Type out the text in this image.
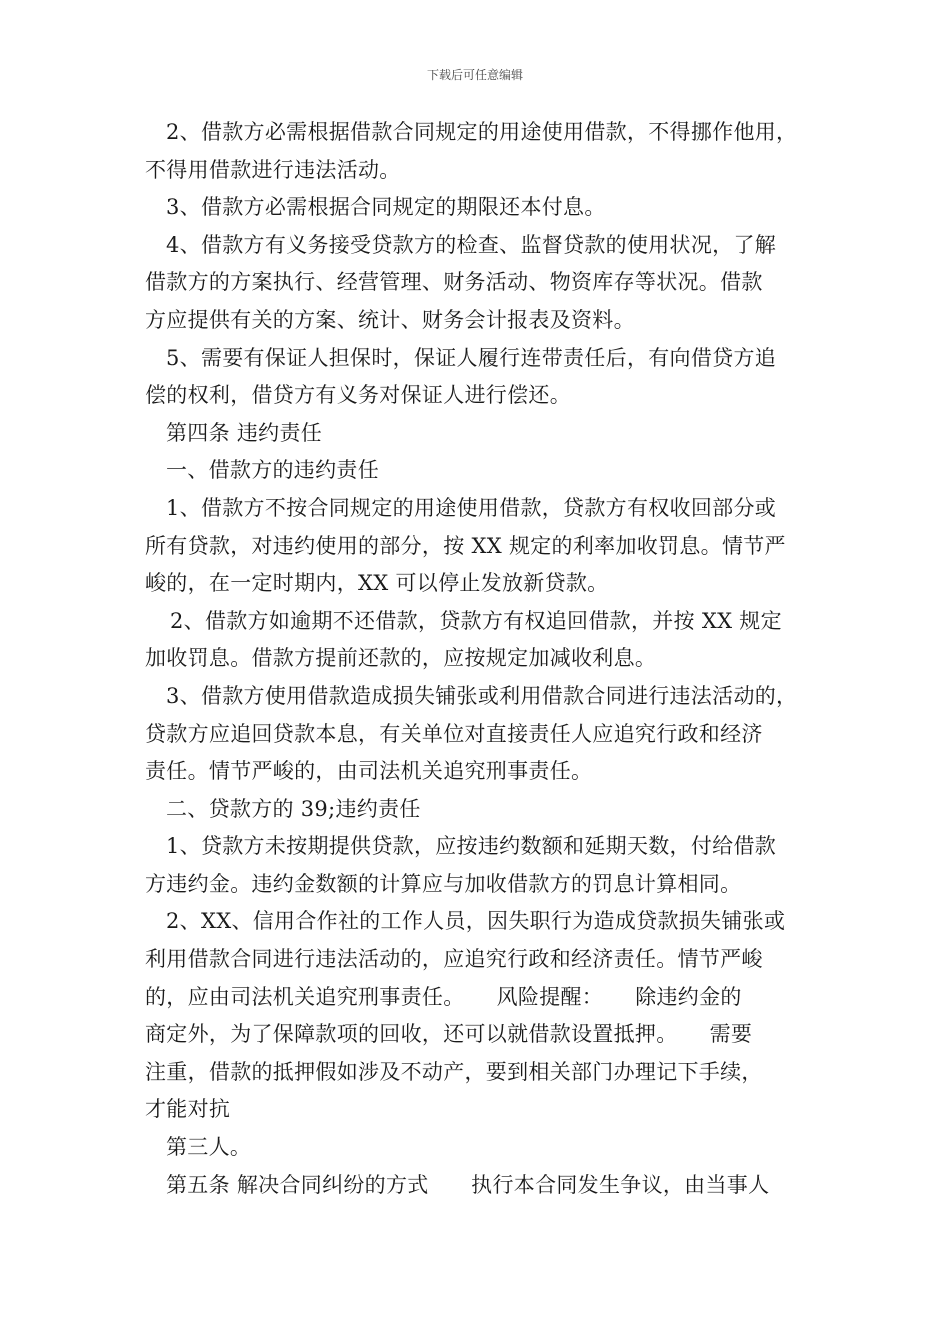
下载后可任意编辑
2、借款方必需根据借款合同规定的用途使用借款，不得挪作他用，
不得用借款进行违法活动。
3、借款方必需根据合同规定的期限还本付息。
4、借款方有义务接受贷款方的检查、监督贷款的使用状况，了解
借款方的方案执行、经营管理、财务活动、物资库存等状况。借款
方应提供有关的方案、统计、财务会计报表及资料。
5、需要有保证人担保时，保证人履行连带责任后，有向借贷方追
偿的权利，借贷方有义务对保证人进行偿还。
第四条 违约责任
一、借款方的违约责任
1、借款方不按合同规定的用途使用借款，贷款方有权收回部分或
所有贷款，对违约使用的部分，按 XX 规定的利率加收罚息。情节严
峻的，在一定时期内，XX 可以停止发放新贷款。
2、借款方如逾期不还借款，贷款方有权追回借款，并按 XX 规定
加收罚息。借款方提前还款的，应按规定加减收利息。
3、借款方使用借款造成损失铺张或利用借款合同进行违法活动的，
贷款方应追回贷款本息，有关单位对直接责任人应追究行政和经济
责任。情节严峻的，由司法机关追究刑事责任。
二、贷款方的 39;违约责任
1、贷款方未按期提供贷款，应按违约数额和延期天数，付给借款
方违约金。违约金数额的计算应与加收借款方的罚息计算相同。
2、XX、信用合作社的工作人员，因失职行为造成贷款损失铺张或
利用借款合同进行违法活动的，应追究行政和经济责任。情节严峻
的，应由司法机关追究刑事责任。　　风险提醒：　　除违约金的
商定外，为了保障款项的回收，还可以就借款设置抵押。　　需要
注重，借款的抵押假如涉及不动产，要到相关部门办理记下手续，
才能对抗
第三人。
第五条 解决合同纠纷的方式　　执行本合同发生争议，由当事人
